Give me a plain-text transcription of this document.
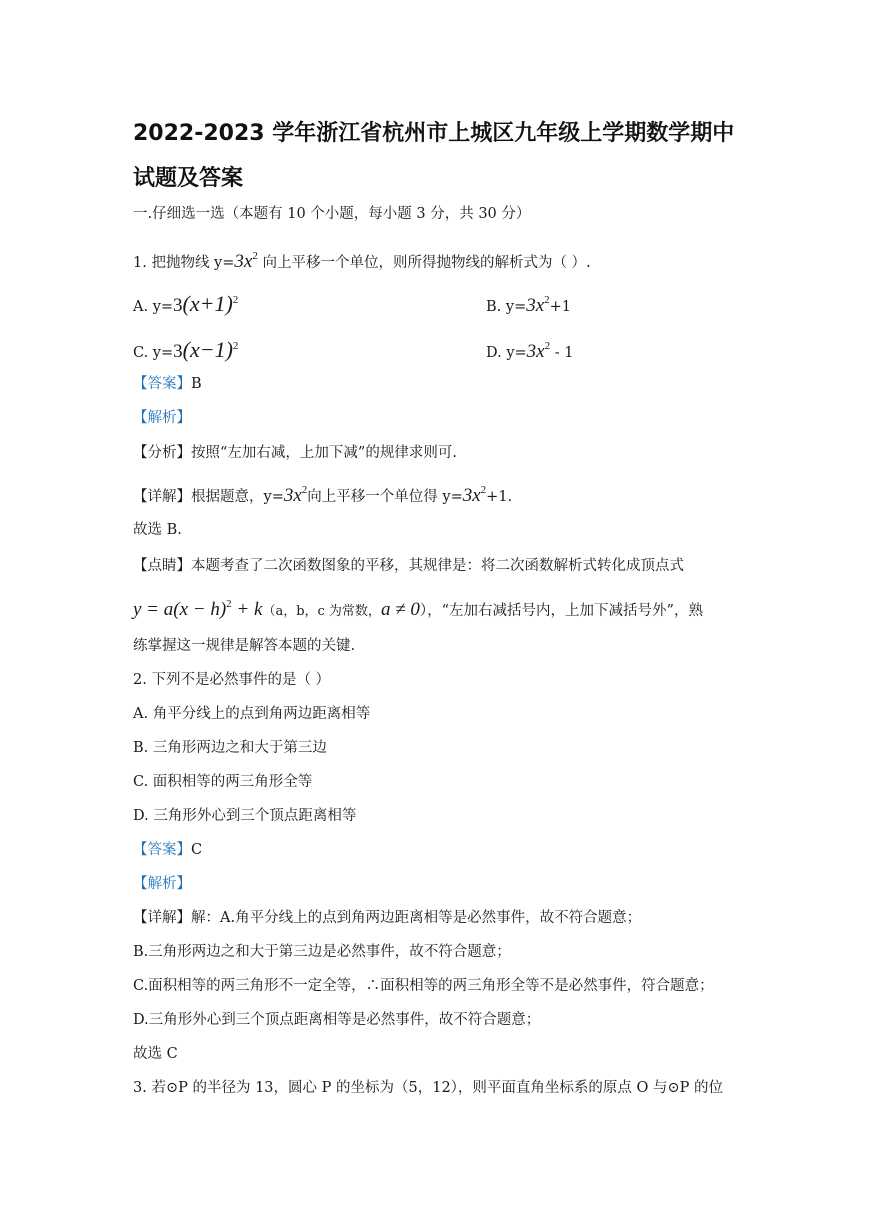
2022-2023 学年浙江省杭州市上城区九年级上学期数学期中
试题及答案
一.仔细选一选（本题有 10 个小题，每小题 3 分，共 30 分）
1. 把抛物线 $y=3x^2$ 向上平移一个单位，则所得抛物线的解析式为（ ）.
A. $y=3(x+1)^2$	B. $y=3x^2+1$
C. $y=3(x-1)^2$	D. $y=3x^2 - 1$
【答案】B
【解析】
【分析】按照“左加右减，上加下减”的规律求则可.
【详解】根据题意，$y=3x^2$向上平移一个单位得 $y=3x^2+1$.
故选 B.
【点睛】本题考查了二次函数图象的平移，其规律是：将二次函数解析式转化成顶点式
$y = a(x - h)^2 + k(a$，b，c 为常数，a ≠ 0），“左加右减括号内，上加下减括号外”，熟
练掌握这一规律是解答本题的关键.
2. 下列不是必然事件的是（ ）
A. 角平分线上的点到角两边距离相等
B. 三角形两边之和大于第三边
C. 面积相等的两三角形全等
D. 三角形外心到三个顶点距离相等
【答案】C
【解析】
【详解】解：A.角平分线上的点到角两边距离相等是必然事件，故不符合题意；
B.三角形两边之和大于第三边是必然事件，故不符合题意；
C.面积相等的两三角形不一定全等，∴面积相等的两三角形全等不是必然事件，符合题意；
D.三角形外心到三个顶点距离相等是必然事件，故不符合题意；
故选 C
3. 若⊙P 的半径为 13，圆心 P 的坐标为（5，12），则平面直角坐标系的原点 O 与⊙P 的位
